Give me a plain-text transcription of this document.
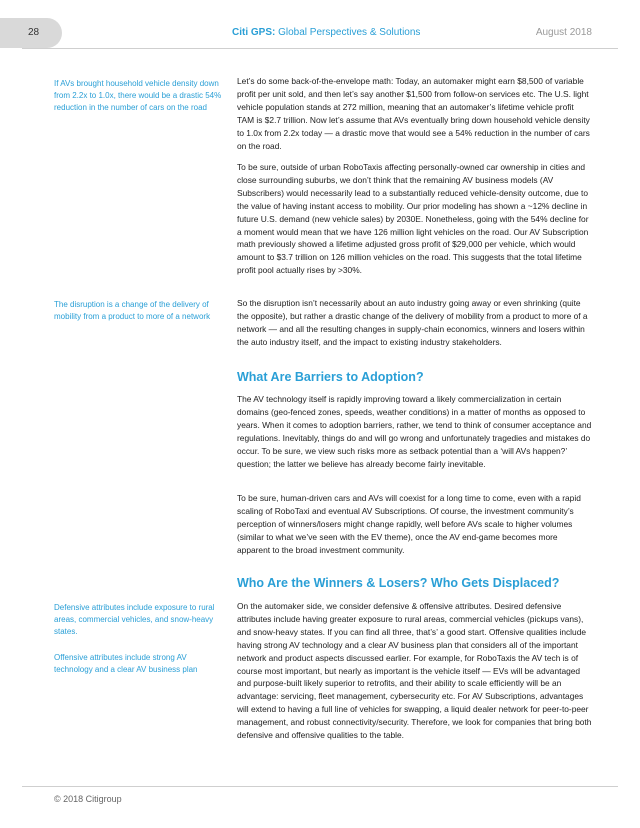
28	Citi GPS: Global Perspectives & Solutions	August 2018
If AVs brought household vehicle density down from 2.2x to 1.0x, there would be a drastic 54% reduction in the number of cars on the road
The disruption is a change of the delivery of mobility from a product to more of a network
Defensive attributes include exposure to rural areas, commercial vehicles, and snow-heavy states.
Offensive attributes include strong AV technology and a clear AV business plan

Let’s do some back-of-the-envelope math: Today, an automaker might earn $8,500 of variable profit per unit sold, and then let’s say another $1,500 from follow-on services etc. The U.S. light vehicle population stands at 272 million, meaning that an automaker’s lifetime vehicle profit TAM is $2.7 trillion. Now let’s assume that AVs eventually bring down household vehicle density to 1.0x from 2.2x today — a drastic move that would see a 54% reduction in the number of cars on the road.

To be sure, outside of urban RoboTaxis affecting personally-owned car ownership in cities and close surrounding suburbs, we don’t think that the remaining AV business models (AV Subscribers) would necessarily lead to a substantially reduced vehicle-density outcome, due to the value of having instant access to mobility. Our prior modeling has shown a ~12% decline in future U.S. demand (new vehicle sales) by 2030E. Nonetheless, going with the 54% decline for a moment would mean that we have 126 million light vehicles on the road. Our AV Subscription math previously showed a lifetime adjusted gross profit of $29,000 per vehicle, which would amount to $3.7 trillion on 126 million vehicles on the road. This suggests that the total lifetime profit pool actually rises by >30%.

So the disruption isn’t necessarily about an auto industry going away or even shrinking (quite the opposite), but rather a drastic change of the delivery of mobility from a product to more of a network — and all the resulting changes in supply-chain economics, winners and losers within the auto industry itself, and the impact to existing industry stakeholders.

What Are Barriers to Adoption?

The AV technology itself is rapidly improving toward a likely commercialization in certain domains (geo-fenced zones, speeds, weather conditions) in a matter of months as opposed to years. When it comes to adoption barriers, rather, we tend to think of consumer acceptance and regulations. Inevitably, things do and will go wrong and unfortunately tragedies and mistakes do occur. To be sure, we view such risks more as setback potential than a ‘will AVs happen?’ question; the latter we believe has already become fairly inevitable.

To be sure, human-driven cars and AVs will coexist for a long time to come, even with a rapid scaling of RoboTaxi and eventual AV Subscriptions. Of course, the investment community’s perception of winners/losers might change rapidly, well before AVs scale to higher volumes (similar to what we’ve seen with the EV theme), once the AV end-game becomes more apparent to the broad investment community.

Who Are the Winners & Losers? Who Gets Displaced?

On the automaker side, we consider defensive & offensive attributes. Desired defensive attributes include having greater exposure to rural areas, commercial vehicles (pickups vans), and snow-heavy states. If you can find all three, that’s’ a good start. Offensive qualities include having strong AV technology and a clear AV business plan that considers all of the important network and product aspects discussed earlier. For example, for RoboTaxis the AV tech is of course most important, but nearly as important is the vehicle itself — EVs will be advantaged and purpose-built likely superior to retrofits, and their ability to scale efficiently will be an advantage: servicing, fleet management, cybersecurity etc. For AV Subscriptions, advantages will extend to having a full line of vehicles for swapping, a liquid dealer network for peer-to-peer management, and robust connectivity/security. Therefore, we look for companies that bring both defensive and offensive qualities to the table.

© 2018 Citigroup
